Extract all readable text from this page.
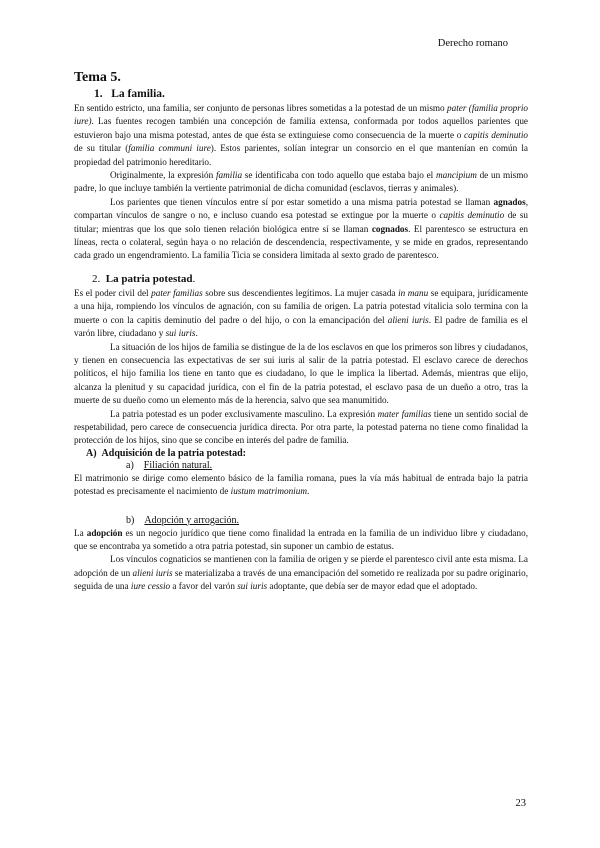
Derecho romano
Tema 5.
1.   La familia.

En sentido estricto, una familia, ser conjunto de personas libres sometidas a la potestad de un mismo pater (familia proprio iure). Las fuentes recogen también una concepción de familia extensa, conformada por todos aquellos parientes que estuvieron bajo una misma potestad, antes de que ésta se extinguiese como consecuencia de la muerte o capitis deminutio de su titular (familia communi iure). Estos parientes, solían integrar un consorcio en el que mantenían en común la propiedad del patrimonio hereditario.

Originalmente, la expresión familia se identificaba con todo aquello que estaba bajo el mancipium de un mismo padre, lo que incluye también la vertiente patrimonial de dicha comunidad (esclavos, tierras y animales).

Los parientes que tienen vínculos entre sí por estar sometido a una misma patria potestad se llaman agnados, compartan vínculos de sangre o no, e incluso cuando esa potestad se extingue por la muerte o capitis deminutio de su titular; mientras que los que solo tienen relación biológica entre sí se llaman cognados. El parentesco se estructura en líneas, recta o colateral, según haya o no relación de descendencia, respectivamente, y se mide en grados, representando cada grado un engendramiento. La familia Ticia se considera limitada al sexto grado de parentesco.

2.  La patria potestad.

Es el poder civil del pater familias sobre sus descendientes legítimos. La mujer casada in manu se equipara, jurídicamente a una hija, rompiendo los vínculos de agnación, con su familia de origen. La patria potestad vitalicia solo termina con la muerte o con la capitis deminutio del padre o del hijo, o con la emancipación del alieni iuris. El padre de familia es el varón libre, ciudadano y sui iuris.

La situación de los hijos de familia se distingue de la de los esclavos en que los primeros son libres y ciudadanos, y tienen en consecuencia las expectativas de ser sui iuris al salir de la patria potestad. El esclavo carece de derechos políticos, el hijo familia los tiene en tanto que es ciudadano, lo que le implica la libertad. Además, mientras que elijo, alcanza la plenitud y su capacidad jurídica, con el fin de la patria potestad, el esclavo pasa de un dueño a otro, tras la muerte de su dueño como un elemento más de la herencia, salvo que sea manumitido.

La patria potestad es un poder exclusivamente masculino. La expresión mater familias tiene un sentido social de respetabilidad, pero carece de consecuencia jurídica directa. Por otra parte, la potestad paterna no tiene como finalidad la protección de los hijos, sino que se concibe en interés del padre de familia.

A)  Adquisición de la patria potestad:
a)    Filiación natural.

El matrimonio se dirige como elemento básico de la familia romana, pues la vía más habitual de entrada bajo la patria potestad es precisamente el nacimiento de iustum matrimonium.

b)    Adopción y arrogación.

La adopción es un negocio jurídico que tiene como finalidad la entrada en la familia de un individuo libre y ciudadano, que se encontraba ya sometido a otra patria potestad, sin suponer un cambio de estatus.

Los vínculos cognaticios se mantienen con la familia de origen y se pierde el parentesco civil ante esta misma. La adopción de un alieni iuris se materializaba a través de una emancipación del sometido re realizada por su padre originario, seguida de una iure cessio a favor del varón sui iuris adoptante, que debía ser de mayor edad que el adoptado.

23
